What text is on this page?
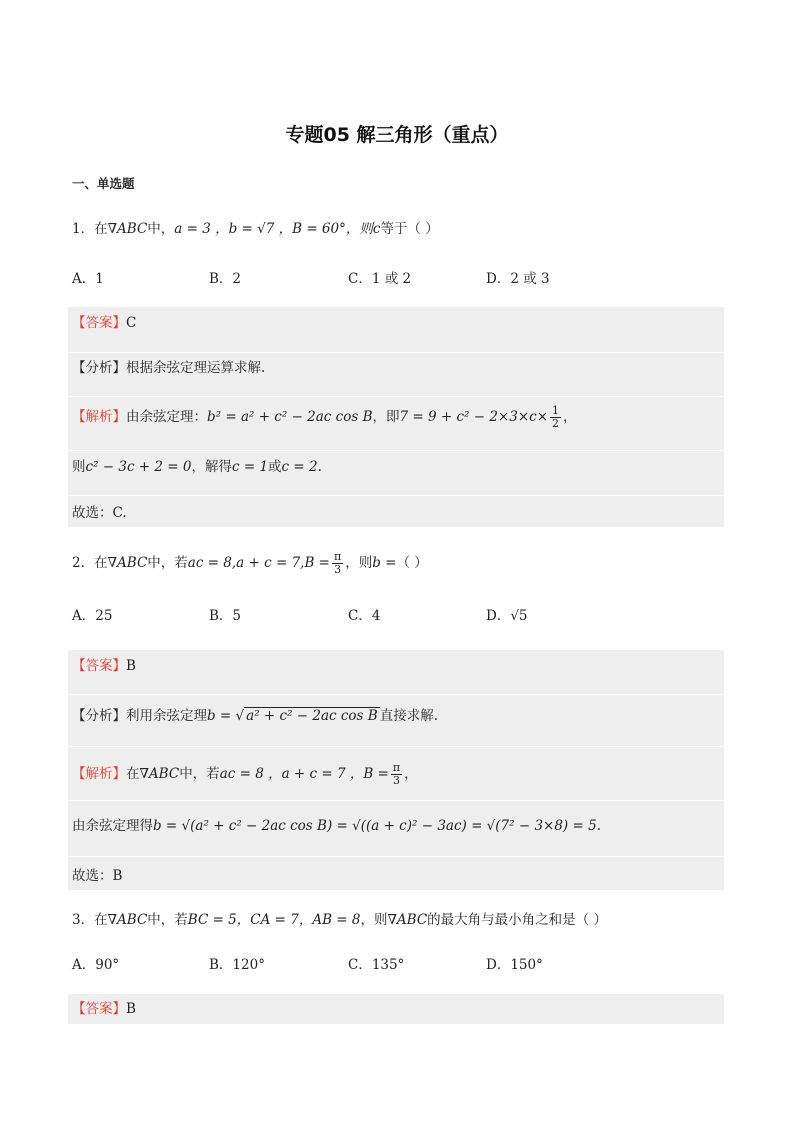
专题05 解三角形（重点）
一、单选题
1．在∇ABC中，a = 3 ，b = √7 ，B = 60°，则c等于（ ）
A．1	B．2	C．1 或 2	D．2 或 3
【答案】C
【分析】根据余弦定理运算求解.
【解析】由余弦定理：b² = a² + c² − 2ac cos B，即$7 = 9 + c^2 - 2\times 3\times c\times \frac{1}{2}$ ，
则c² − 3c + 2 = 0，解得c = 1或c = 2.
故选：C.
2．在∇ABC中，若ac = $8,a + c = 7,B = \frac{\pi}{3}$ ，则b =（ ）
A．25	B．5	C．4	D．√5
【答案】B
【分析】利用余弦定理b = √ a² + c² − 2ac cos B 直接求解.
【解析】在∇ABC中，若ac = 8 ，a + c = 7 ，$B = \frac{\pi}{3}$ ，
由余弦定理得b = √(a² + c² − 2ac cos B) = √((a + c)² − 3ac) = √(7² − 3×8) = 5.
故选：B
3．在∇ABC中，若BC = 5，CA = 7，AB = 8，则∇ABC的最大角与最小角之和是（ ）
A．90°	B．120°	C．135°	D．150°
【答案】B
